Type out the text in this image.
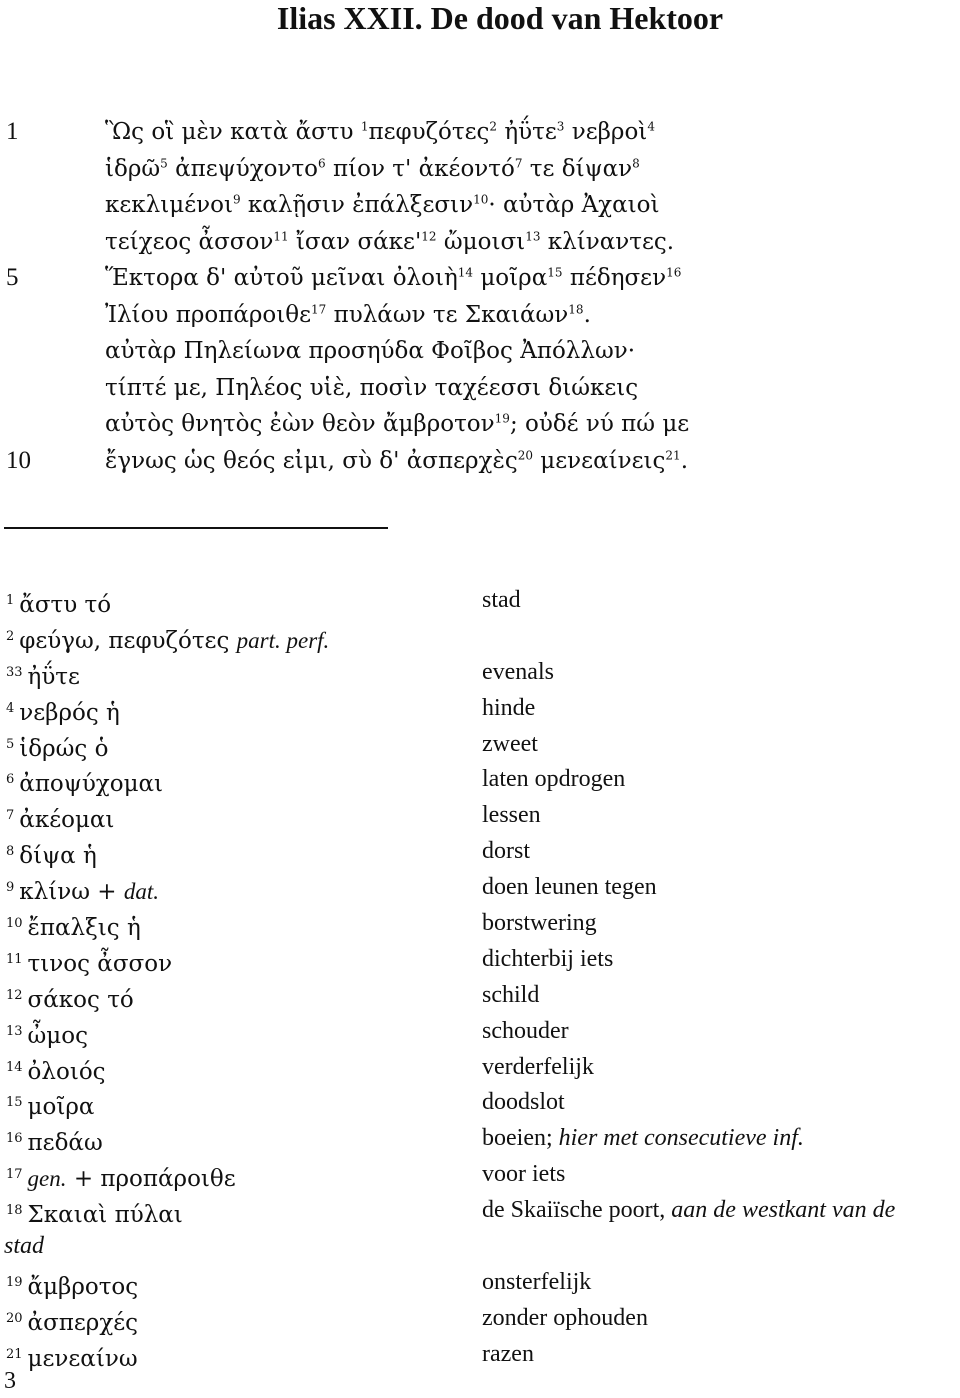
Ilias XXII. De dood van Hektoor
1	Ὣς οἳ μὲν κατὰ ἄστυ $^1$πεφυζότες$^2$ ἠΰτε$^3$ νεβροὶ$^4$
ἱδρῶ$^5$ ἀπεψύχοντο$^6$ πίον τ' ἀκέοντό$^7$ τε δίψαν$^8$
κεκλιμένοι$^9$ καλῇσιν ἐπάλξεσιν$^{10}$· αὐτὰρ Ἀχαιοὶ
τείχεος ἆσσον$^{11}$ ἴσαν $\sigma ά\kappa\varepsilon'^{12}$ ὤμοισι$^{13}$ κλίναντες.
5	Ἕκτορα δ' αὐτοῦ μεῖναι ὀλοιὴ$^{14}$ μοῖρα$^{15}$ πέδησεν$^{16}$
Ἰλίου προπάροιθε$^{17}$ πυλάων τε Σκαιάων$^{18}$.
αὐτὰρ Πηλείωνα προσηύδα Φοῖβος Ἀπόλλων·
τίπτέ με, Πηλέος υἱὲ, ποσὶν ταχέεσσι διώκεις
αὐτὸς θνητὸς ἐὼν θεὸν ἄμβροτον$^{19}$; οὐδέ νύ πώ με
10	ἔγνως ὡς θεός εἰμι, σὺ δ' ἀσπερχὲς$^{20}$ μενεαίνεις$^{21}$.
1 ἄστυ τό	stad
2 φεύγω, πεφυζότες part. perf.
33 ἠΰτε	evenals
4 νεβρός ἡ	hinde
5 ἱδρώς ὁ	zweet
6 ἀποψύχομαι	laten opdrogen
7 ἀκέομαι	lessen
8 δίψα ἡ	dorst
9 κλίνω + dat.	doen leunen tegen
10 ἔπαλξις ἡ	borstwering
11 τινος ἆσσον	dichterbij iets
12 σάκος τό	schild
13 ὦμος	schouder
14 ὀλοιός	verderfelijk
15 μοῖρα	doodslot
16 πεδάω	boeien; hier met consecutieve inf.
17 gen. + προπάροιθε	voor iets
18 Σκαιαὶ πύλαι	de Skaiïsche poort, aan de westkant van de
stad
19 ἄμβροτος	onsterfelijk
20 ἀσπερχές	zonder ophouden
21 μενεαίνω	razen
3
